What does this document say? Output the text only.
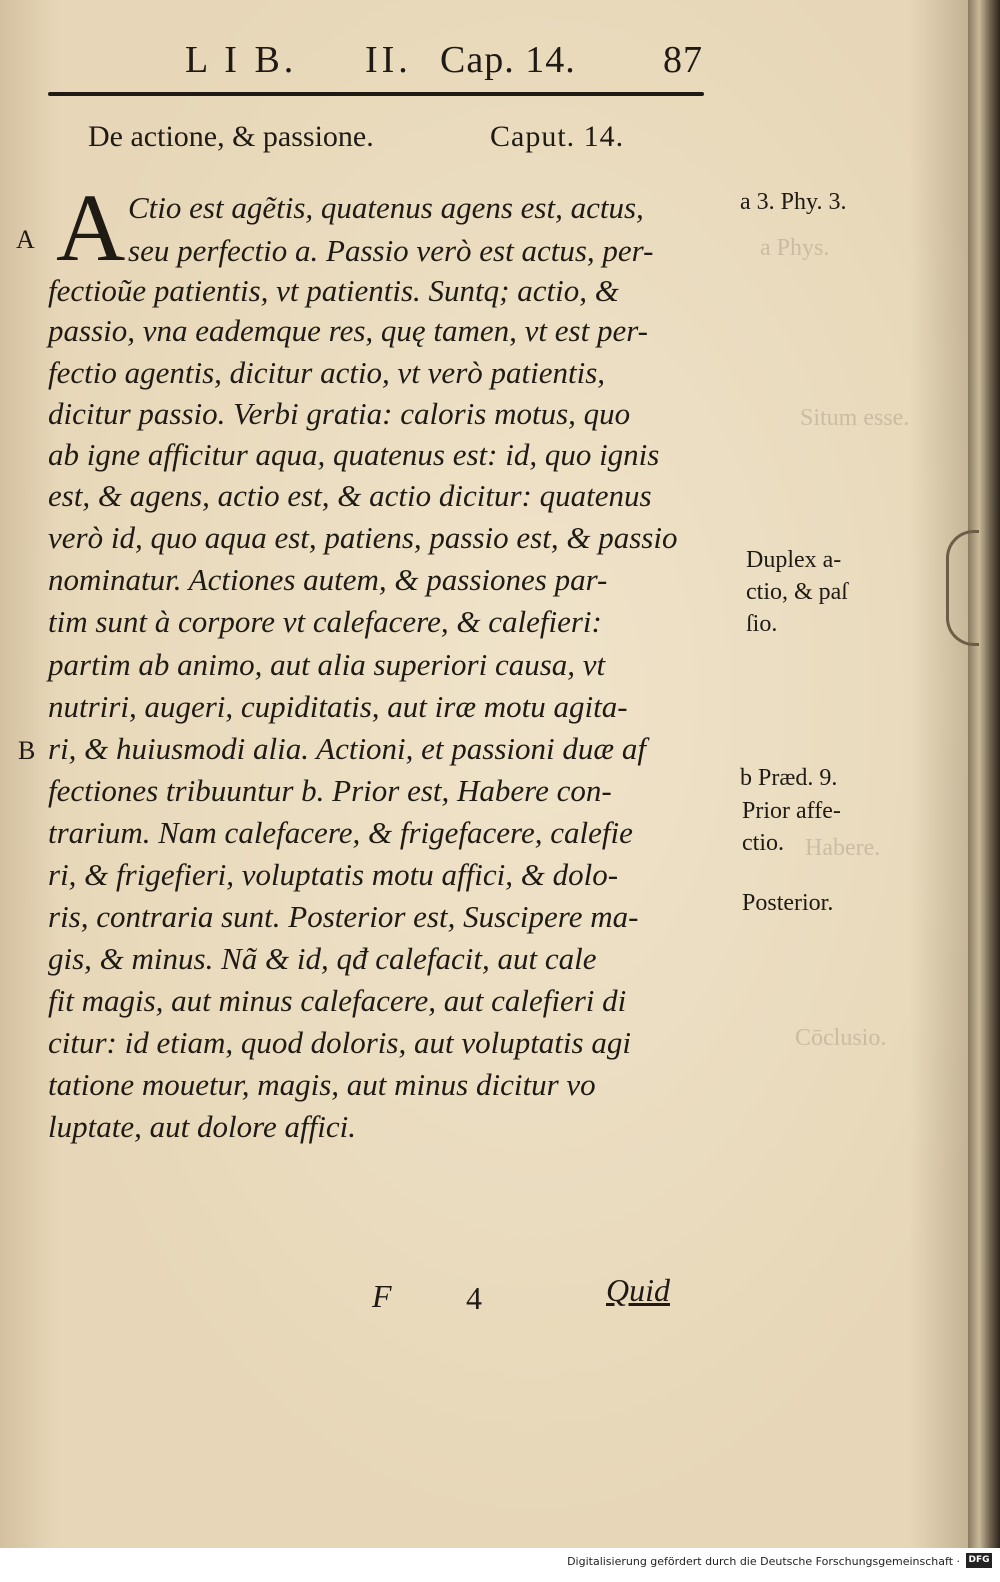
a Phys.
Situm esse.
Habere.
Cōclusio.
L I B. II. Cap. 14. 87
De actione, & passione.	Caput. 14.
A
A
B
Ctio est agẽtis, quatenus agens est, actus,
seu perfectio a. Passio verò est actus, per-
fectioũe patientis, vt patientis. Suntq; actio, &
passio, vna eademque res, quę tamen, vt est per-
fectio agentis, dicitur actio, vt verò patientis,
dicitur passio. Verbi gratia: caloris motus, quo
ab igne afficitur aqua, quatenus est: id, quo ignis
est, & agens, actio est, & actio dicitur: quatenus
verò id, quo aqua est, patiens, passio est, & passio
nominatur. Actiones autem, & passiones par-
tim sunt à corpore vt calefacere, & calefieri:
partim ab animo, aut alia superiori causa, vt
nutriri, augeri, cupiditatis, aut iræ motu agita-
ri, & huiusmodi alia. Actioni, et passioni duæ af
fectiones tribuuntur b. Prior est, Habere con-
trarium. Nam calefacere, & frigefacere, calefie
ri, & frigefieri, voluptatis motu affici, & dolo-
ris, contraria sunt. Posterior est, Suscipere ma-
gis, & minus. Nã & id, qđ calefacit, aut cale
fit magis, aut minus calefacere, aut calefieri di
citur: id etiam, quod doloris, aut voluptatis agi
tatione mouetur, magis, aut minus dicitur vo
luptate, aut dolore affici.
a 3. Phy. 3.
Duplex a-
ctio, & paſ
ſio.
b Præd. 9.
Prior affe-
ctio.
Posterior.
F 4	Quid
Digitalisierung gefördert durch die Deutsche Forschungsgemeinschaft · DFG
